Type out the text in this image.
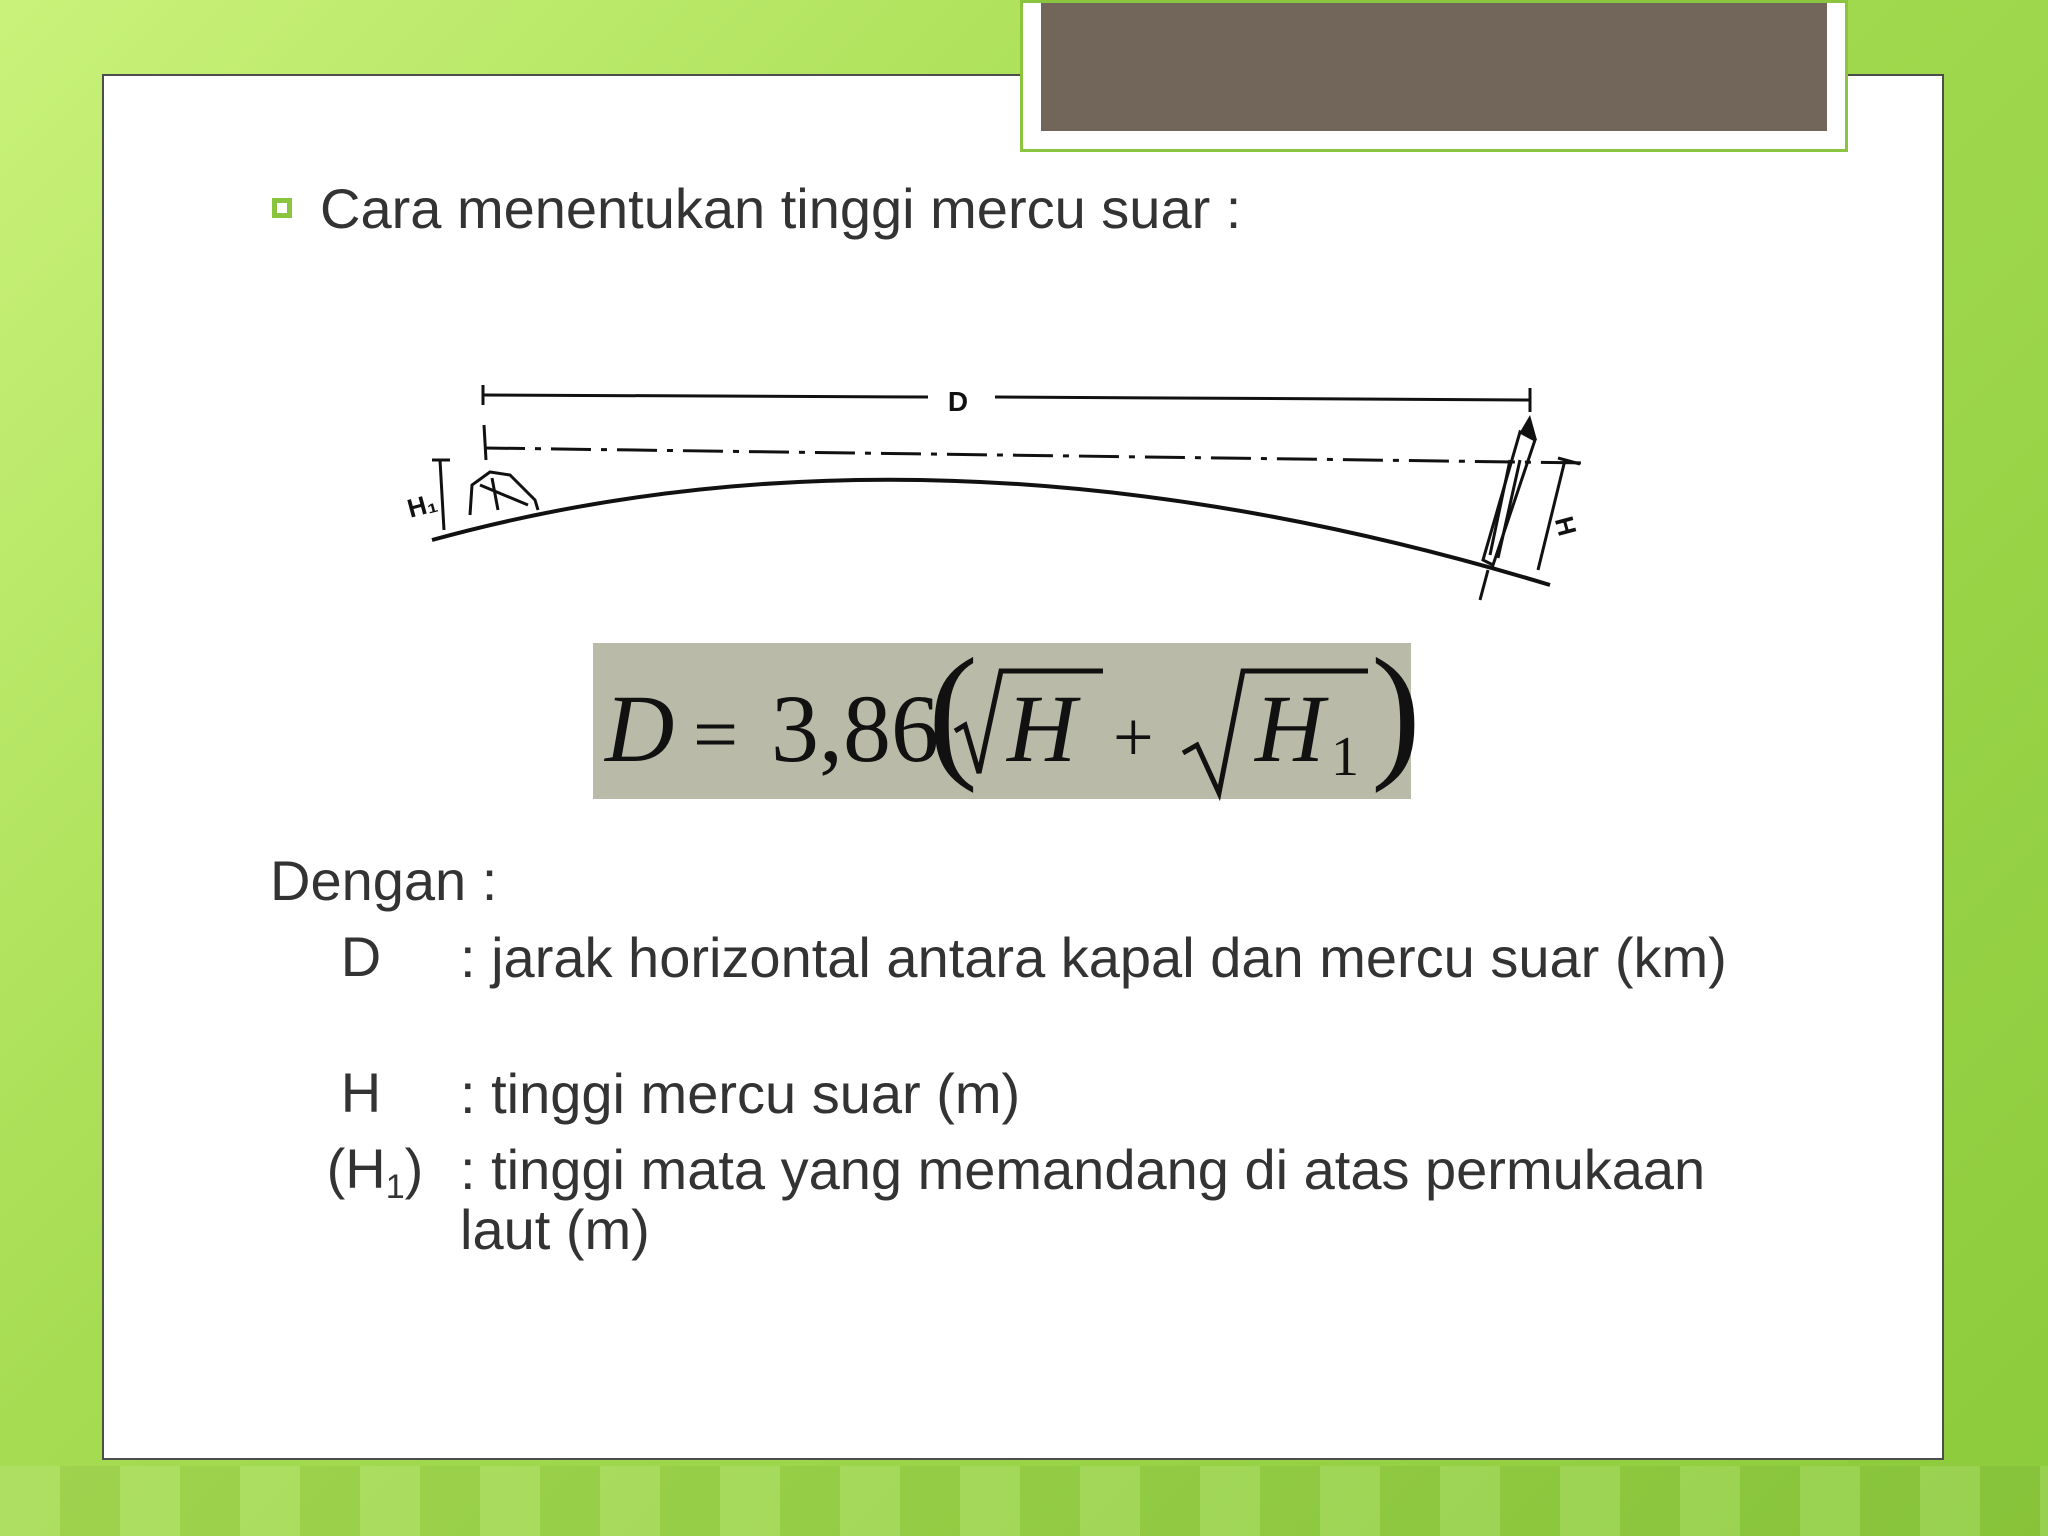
Cara menentukan tinggi mercu suar :
D
H₁
H
D = 3,86
( H + H 1 )
Dengan :
D	: jarak horizontal antara kapal dan mercu suar (km)
H	: tinggi mercu suar (m)
$(H_1)$ : tinggi mata yang memandang di atas permukaan laut (m)
